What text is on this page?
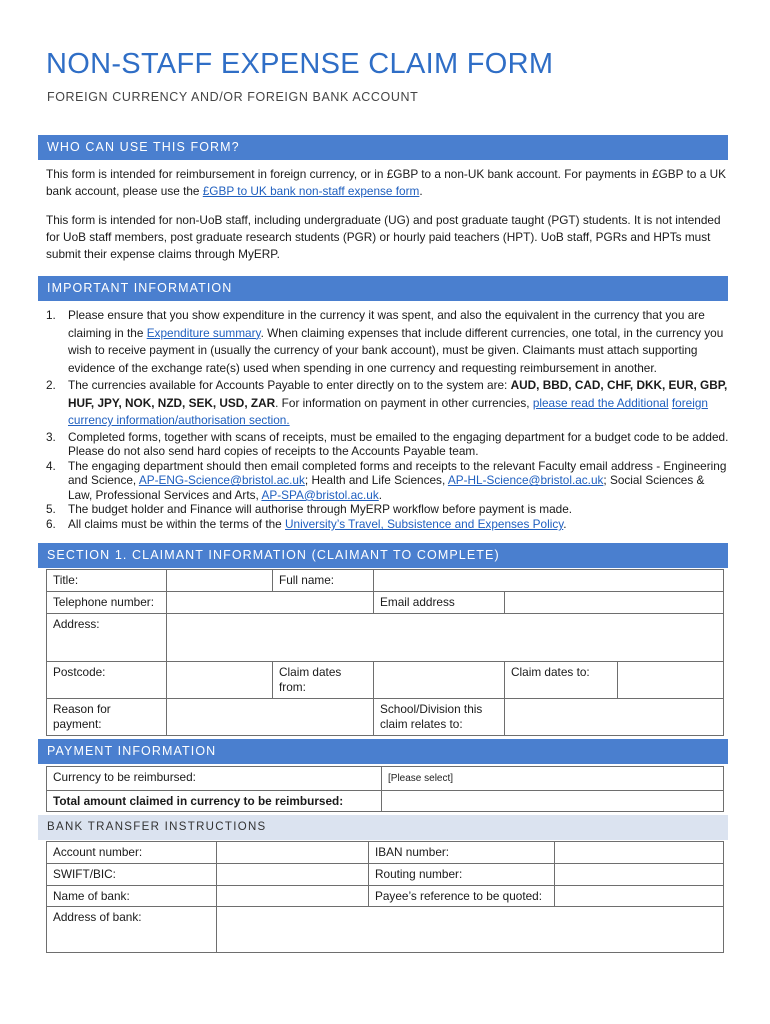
NON-STAFF EXPENSE CLAIM FORM

FOREIGN CURRENCY AND/OR FOREIGN BANK ACCOUNT

WHO CAN USE THIS FORM?

This form is intended for reimbursement in foreign currency, or in £GBP to a non-UK bank account. For payments in £GBP to a UK bank account, please use the £GBP to UK bank non-staff expense form.

This form is intended for non-UoB staff, including undergraduate (UG) and post graduate taught (PGT) students. It is not intended for UoB staff members, post graduate research students (PGR) or hourly paid teachers (HPT). UoB staff, PGRs and HPTs must submit their expense claims through MyERP.

IMPORTANT INFORMATION
1. Please ensure that you show expenditure in the currency it was spent, and also the equivalent in the currency that you are claiming in the Expenditure summary. When claiming expenses that include different currencies, one total, in the currency you wish to receive payment in (usually the currency of your bank account), must be given. Claimants must attach supporting evidence of the exchange rate(s) used when spending in one currency and requesting reimbursement in another.
2. The currencies available for Accounts Payable to enter directly on to the system are: AUD, BBD, CAD, CHF, DKK, EUR, GBP, HUF, JPY, NOK, NZD, SEK, USD, ZAR. For information on payment in other currencies, please read the Additional foreign currency information/authorisation section.
3. Completed forms, together with scans of receipts, must be emailed to the engaging department for a budget code to be added. Please do not also send hard copies of receipts to the Accounts Payable team.
4. The engaging department should then email completed forms and receipts to the relevant Faculty email address - Engineering and Science, AP-ENG-Science@bristol.ac.uk; Health and Life Sciences, AP-HL-Science@bristol.ac.uk; Social Sciences & Law, Professional Services and Arts, AP-SPA@bristol.ac.uk.
5. The budget holder and Finance will authorise through MyERP workflow before payment is made.
6. All claims must be within the terms of the University’s Travel, Subsistence and Expenses Policy.
SECTION 1. CLAIMANT INFORMATION (CLAIMANT TO COMPLETE)
Title:		Full name:			
Telephone number:			Email address		
Address:					
Postcode:		Claim dates from:		Claim dates to:	
Reason for payment:			School/Division this claim relates to:		
PAYMENT INFORMATION
Currency to be reimbursed:	[Please select]
Total amount claimed in currency to be reimbursed:	
BANK TRANSFER INSTRUCTIONS
Account number:		IBAN number:	
SWIFT/BIC:		Routing number:	
Name of bank:		Payee’s reference to be quoted:	
Address of bank:			
